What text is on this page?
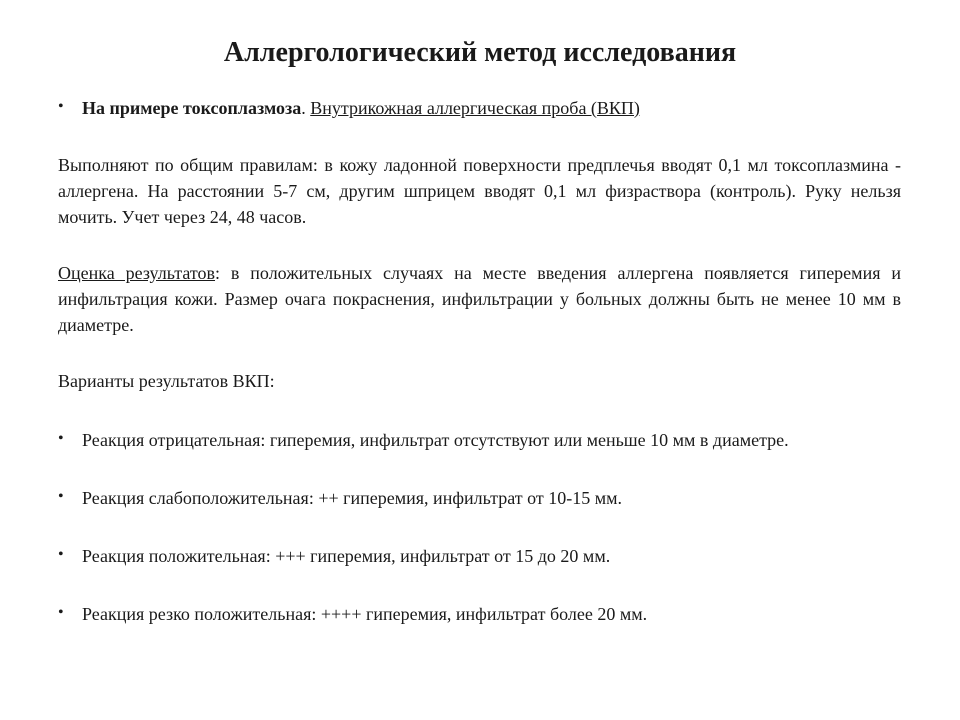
Аллергологический метод исследования
• На примере токсоплазмоза. Внутрикожная аллергическая проба (ВКП)
Выполняют по общим правилам: в кожу ладонной поверхности предплечья вводят 0,1 мл токсоплазмина - аллергена. На расстоянии 5-7 см, другим шприцем вводят 0,1 мл физраствора (контроль). Руку нельзя мочить. Учет через 24, 48 часов.
Оценка результатов: в положительных случаях на месте введения аллергена появляется гиперемия и инфильтрация кожи. Размер очага покраснения, инфильтрации у больных должны быть не менее 10 мм в диаметре.
Варианты результатов ВКП:
• Реакция отрицательная: гиперемия, инфильтрат отсутствуют или меньше 10 мм в диаметре.
• Реакция слабоположительная: ++ гиперемия, инфильтрат от 10-15 мм.
• Реакция положительная: +++ гиперемия, инфильтрат от 15 до 20 мм.
• Реакция резко положительная: ++++ гиперемия, инфильтрат более 20 мм.
